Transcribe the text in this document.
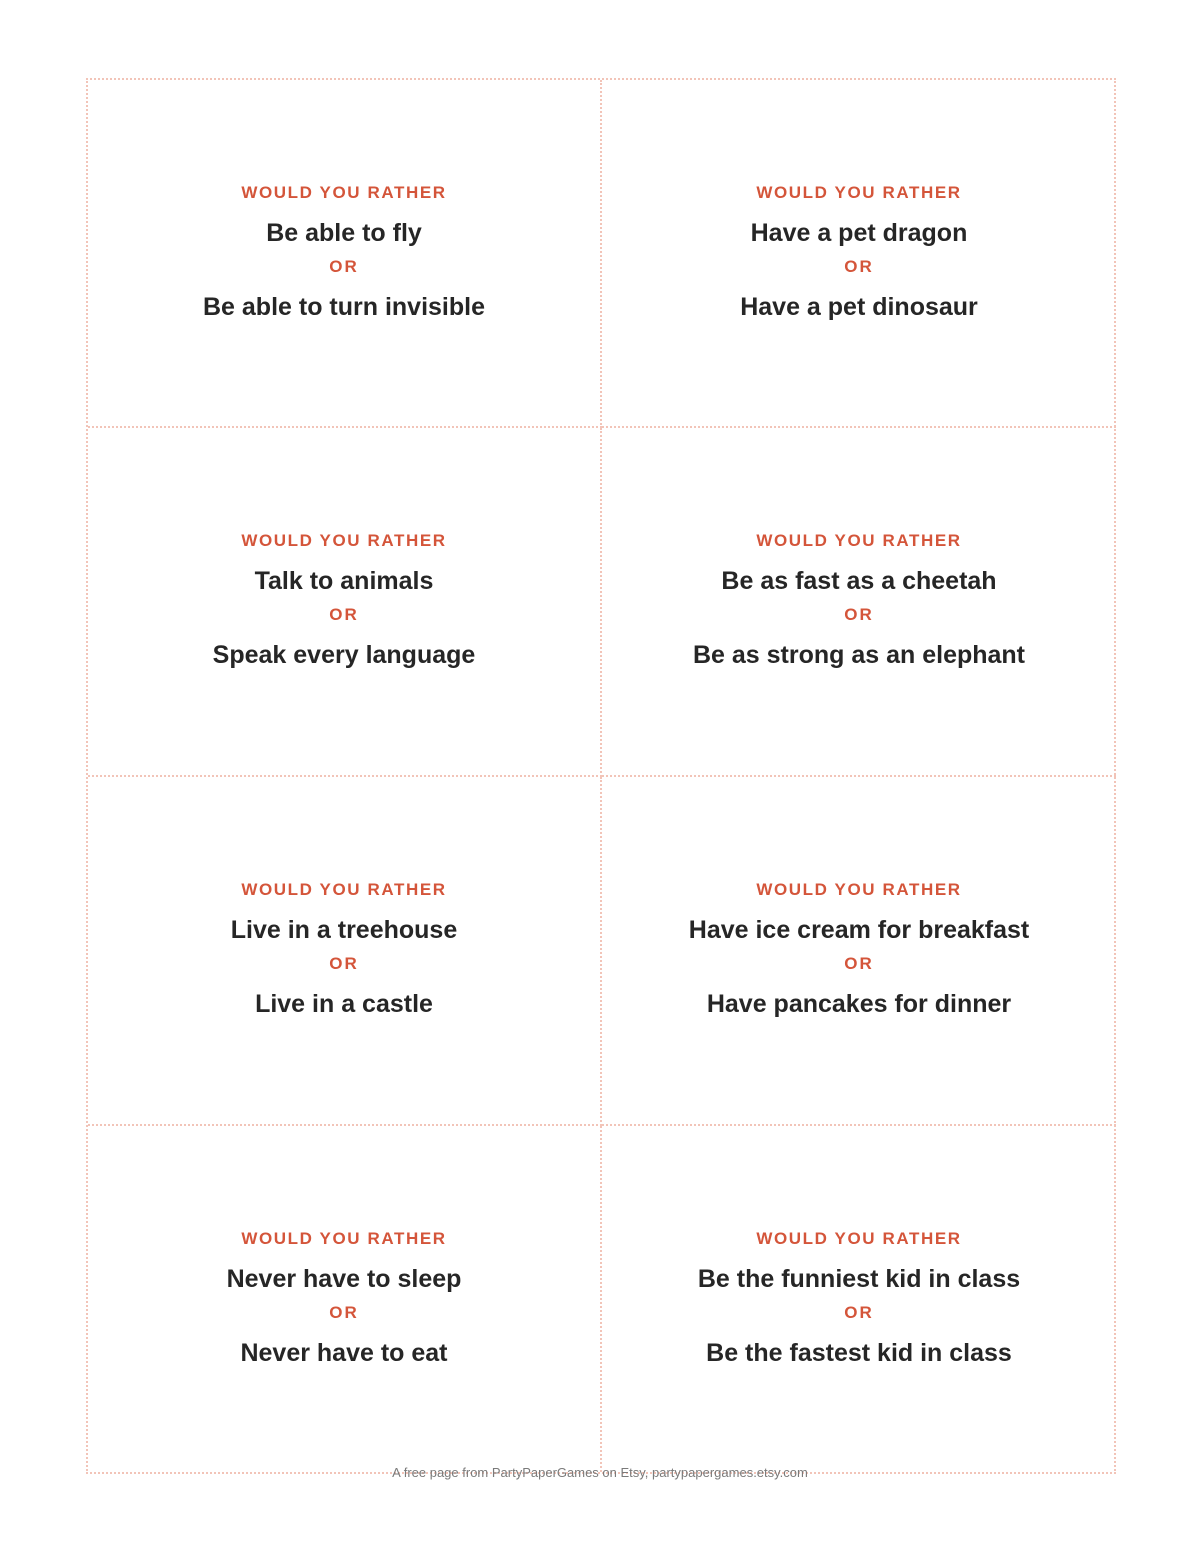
WOULD YOU RATHER
Be able to fly
OR
Be able to turn invisible
WOULD YOU RATHER
Have a pet dragon
OR
Have a pet dinosaur
WOULD YOU RATHER
Talk to animals
OR
Speak every language
WOULD YOU RATHER
Be as fast as a cheetah
OR
Be as strong as an elephant
WOULD YOU RATHER
Live in a treehouse
OR
Live in a castle
WOULD YOU RATHER
Have ice cream for breakfast
OR
Have pancakes for dinner
WOULD YOU RATHER
Never have to sleep
OR
Never have to eat
WOULD YOU RATHER
Be the funniest kid in class
OR
Be the fastest kid in class
A free page from PartyPaperGames on Etsy, partypapergames.etsy.com
